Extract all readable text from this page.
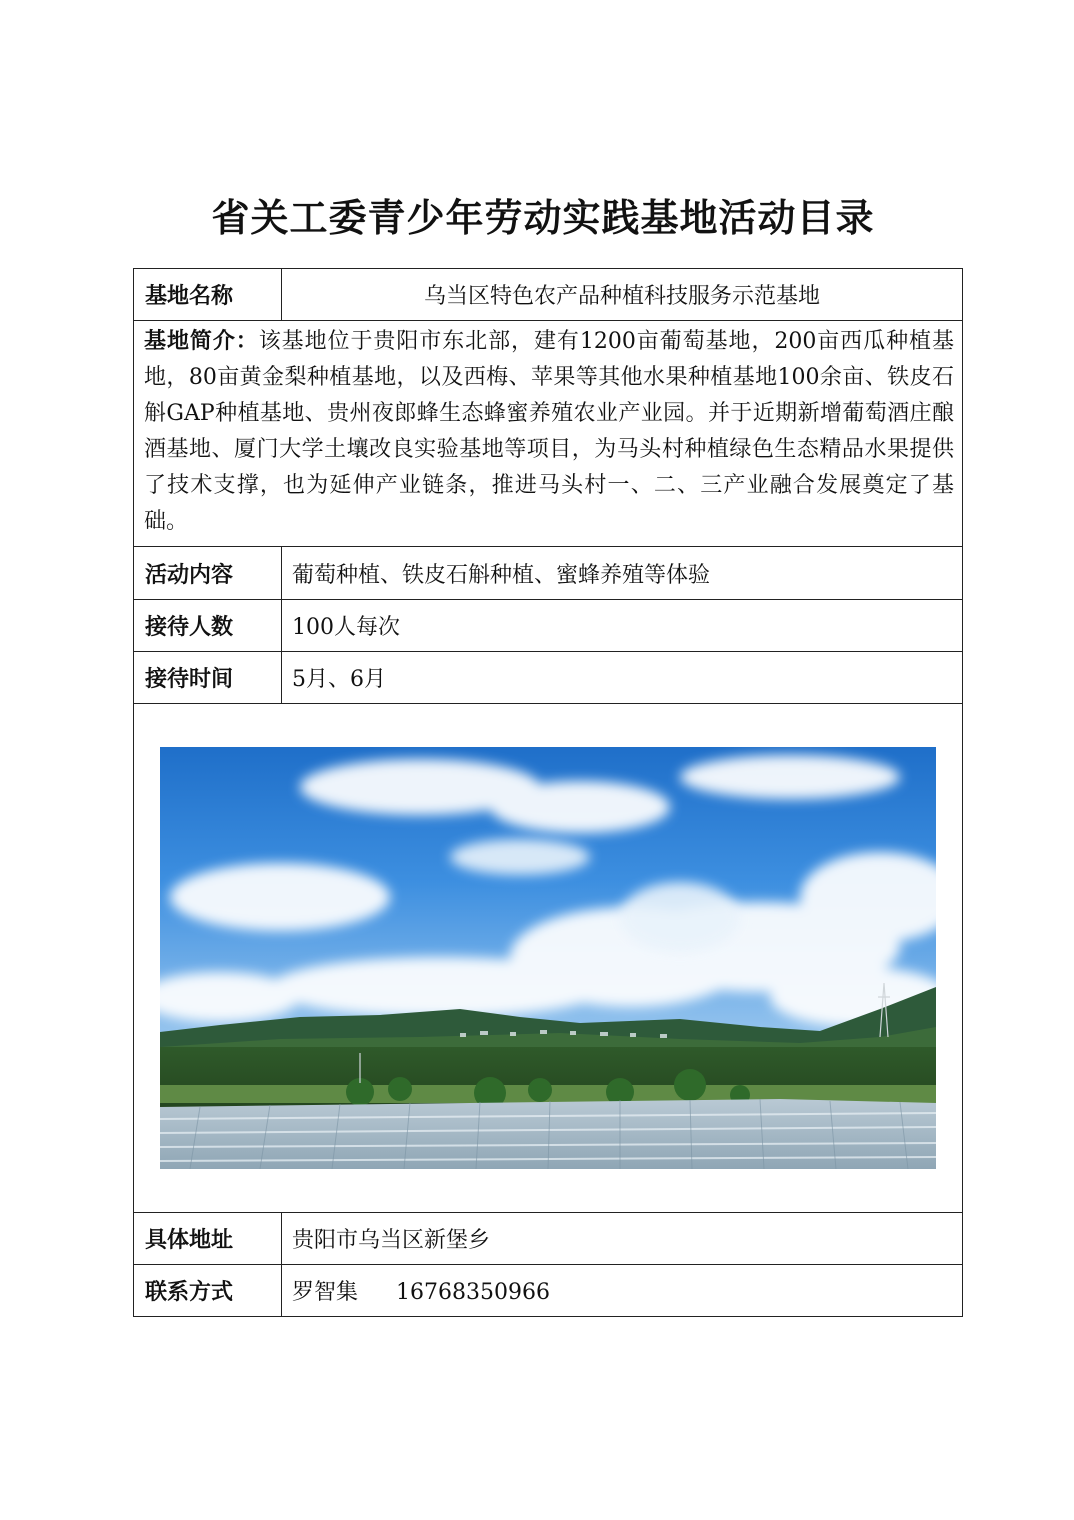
省关工委青少年劳动实践基地活动目录
基地名称	乌当区特色农产品种植科技服务示范基地
基地简介：该基地位于贵阳市东北部，建有1200亩葡萄基地，200亩西瓜种植基地，80亩黄金梨种植基地，以及西梅、苹果等其他水果种植基地100余亩、铁皮石斛GAP种植基地、贵州夜郎蜂生态蜂蜜养殖农业产业园。并于近期新增葡萄酒庄酿酒基地、厦门大学土壤改良实验基地等项目，为马头村种植绿色生态精品水果提供了技术支撑，也为延伸产业链条，推进马头村一、二、三产业融合发展奠定了基础。	
活动内容	葡萄种植、铁皮石斛种植、蜜蜂养殖等体验
接待人数	100人每次
接待时间	5月、6月

具体地址	贵阳市乌当区新堡乡
联系方式	罗智集 16768350966
